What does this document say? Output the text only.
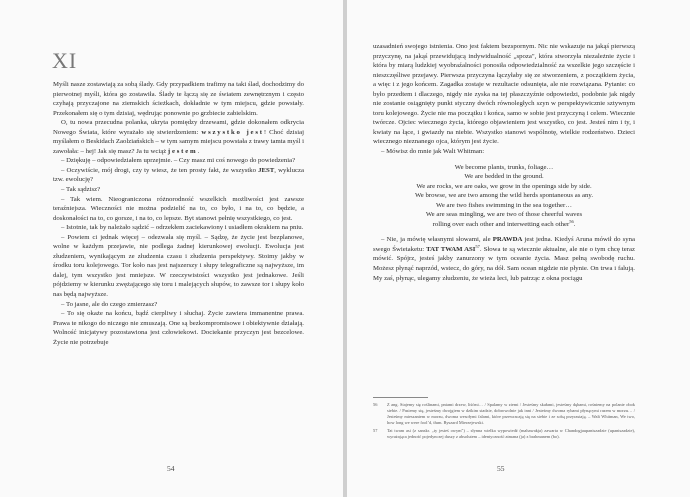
XI

Myśli nasze zostawiają za sobą ślady. Gdy przypadkiem trafimy na taki ślad, dochodzimy do pierwotnej myśli, która go zostawiła. Ślady te łączą się ze światem zewnętrznym i często czyhają przyczajone na ziemskich ścieżkach, dokładnie w tym miejscu, gdzie powstały. Przekonałem się o tym dzisiaj, wędrując ponownie po grzbiecie zabielskim.

O, tu nowa przecudna polanka, ukryta pomiędzy drzewami, gdzie dokonałem odkrycia Nowego Świata, które wyrażało się stwierdzeniem: wszystko jest! Choć dzisiaj myślałem o Beskidach Zaolziańskich – w tym samym miejscu powstała z trawy tamta myśl i zawołała: – hej! Jak się masz? Ja tu wciąż jestem.

– Dziękuję – odpowiedziałem uprzejmie. – Czy masz mi coś nowego do powiedzenia?

– Oczywiście, mój drogi, czy ty wiesz, że ten prosty fakt, że wszystko JEST, wyklucza tzw. ewolucję?

– Tak sądzisz?

– Tak wiem. Nieograniczona różnorodność wszelkich możliwości jest zawsze teraźniejsza. Wieczności nie można podzielić na to, co było, i na to, co będzie, a doskonałości na to, co gorsze, i na to, co lepsze. Byt stanowi pełnię wszystkiego, co jest.

– Istotnie, tak by należało sądzić – odrzekłem zaciekawiony i usiadłem okrakiem na pniu.

– Powiem ci jednak więcej – odezwała się myśl. – Sądzę, że życie jest bezplanowe, wolne w każdym przejawie, nie podlega żadnej kierunkowej ewolucji. Ewolucja jest złudzeniem, wynikającym ze złudzenia czasu i złudzenia perspektywy. Stoimy jakby w środku toru kolejowego. Tor koło nas jest najszerszy i słupy telegraficzne są najwyższe, im dalej, tym wszystko jest mniejsze. W rzeczywistości wszystko jest jednakowe. Jeśli pójdziemy w kierunku zwężającego się toru i malejących słupów, to zawsze tor i słupy koło nas będą najwyższe.

– To jasne, ale do czego zmierzasz?

– To się okaże na końcu, bądź cierpliwy i słuchaj. Życie zawiera immanentne prawa. Prawa te nikogo do niczego nie zmuszają. One są bezkompromisowe i obiektywnie działają. Wolność inicjatywy pozostawiona jest człowiekowi. Dociekanie przyczyn jest bezcelowe. Życie nie potrzebuje

54

uzasadnień swojego istnienia. Ono jest faktem bezspornym. Nic nie wskazuje na jakąś pierwszą przyczynę, na jakąś przewidującą indywidualność „spoza", która stworzyła niezależnie życie i która by miarą ludzkiej wyobraźalności ponosiła odpowiedzialność za wszelkie jego szczęście i nieszczęśliwe przejawy. Pierwsza przyczyna łączyłaby się ze stworzeniem, z początkiem życia, a więc i z jego końcem. Zagadka zostaje w rezultacie odsunięta, ale nie rozwiązana. Pytanie: co było przedtem i dlaczego, nigdy nie zyska na tej płaszczyźnie odpowiedzi, podobnie jak nigdy nie zostanie osiągnięty punkt styczny dwóch równoległych szyn w perspektywicznie sztywnym toru kolejowego. Życie nie ma początku i końca, samo w sobie jest przyczyną i celem. Wiecznie twórcze. Ojciec wiecznego życia, którego objawieniem jest wszystko, co jest. Jesteś nim i ty, i kwiaty na łące, i gwiazdy na niebie. Wszystko stanowi wspólnotę, wielkie rodzeństwo. Dzieci wiecznego nieznanego ojca, którym jest życie.

– Mówisz do mnie jak Walt Whitman:

We become plants, trunks, foliage…
We are bedded in the ground.
We are rocks, we are oaks, we grow in the openings side by side.
We browse, we are two among the wild herds spontaneous as any.
We are two fishes swimming in the sea together…
We are seas mingling, we are two of those cheerful waves
rolling over each other and interwetting each other$^{56}$.

– Nie, ja mówię własnymi słowami, ale PRAWDA jest jedna. Kiedyś Aruna mówił do syna swego Świetaketu: TAT TWAM ASI$^{57}$. Słowa te są wiecznie aktualne, ale nie o tym chcę teraz mówić. Spójrz, jesteś jakby zanurzony w tym oceanie życia. Masz pełną swobodę ruchu. Możesz płynąć naprzód, wstecz, do góry, na dół. Sam ocean nigdzie nie płynie. On trwa i falują. My zaś, płynąc, ulegamy złudzeniu, że wieża leci, lub patrząc z okna pociągu

56 Z ang. Stajemy się roślinami, pniami drzew, liśćmi… / Spalamy w ziemi / Jesteśmy skałami, jesteśmy dębami, rośniemy na polanie obok siebie. / Pasiemy się, jesteśmy dwojgiem w dzikim stadzie, dobrowolnie jak inni / Jesteśmy dwoma rybami płynącymi razem w morzu… / Jesteśmy mieszaniem w morzu, dwoma wesołymi falami, które przewracają się na siebie i ze sobą przyrastają. – Walt Whitman, We two, how long we were fool’d, tłum. Ryszard Mierzejewski.
57 Tat twam asi (z sanskr. „ty jesteś owym") – słynna wielka wypowiedź (mahawakja) zawarta w Chandogjaupaniszadzie (upaniszadzie), wyrażająca jedność pojedynczej duszy z absolutem – identyczność atmana (ja) z brahmanem (bo).
55
